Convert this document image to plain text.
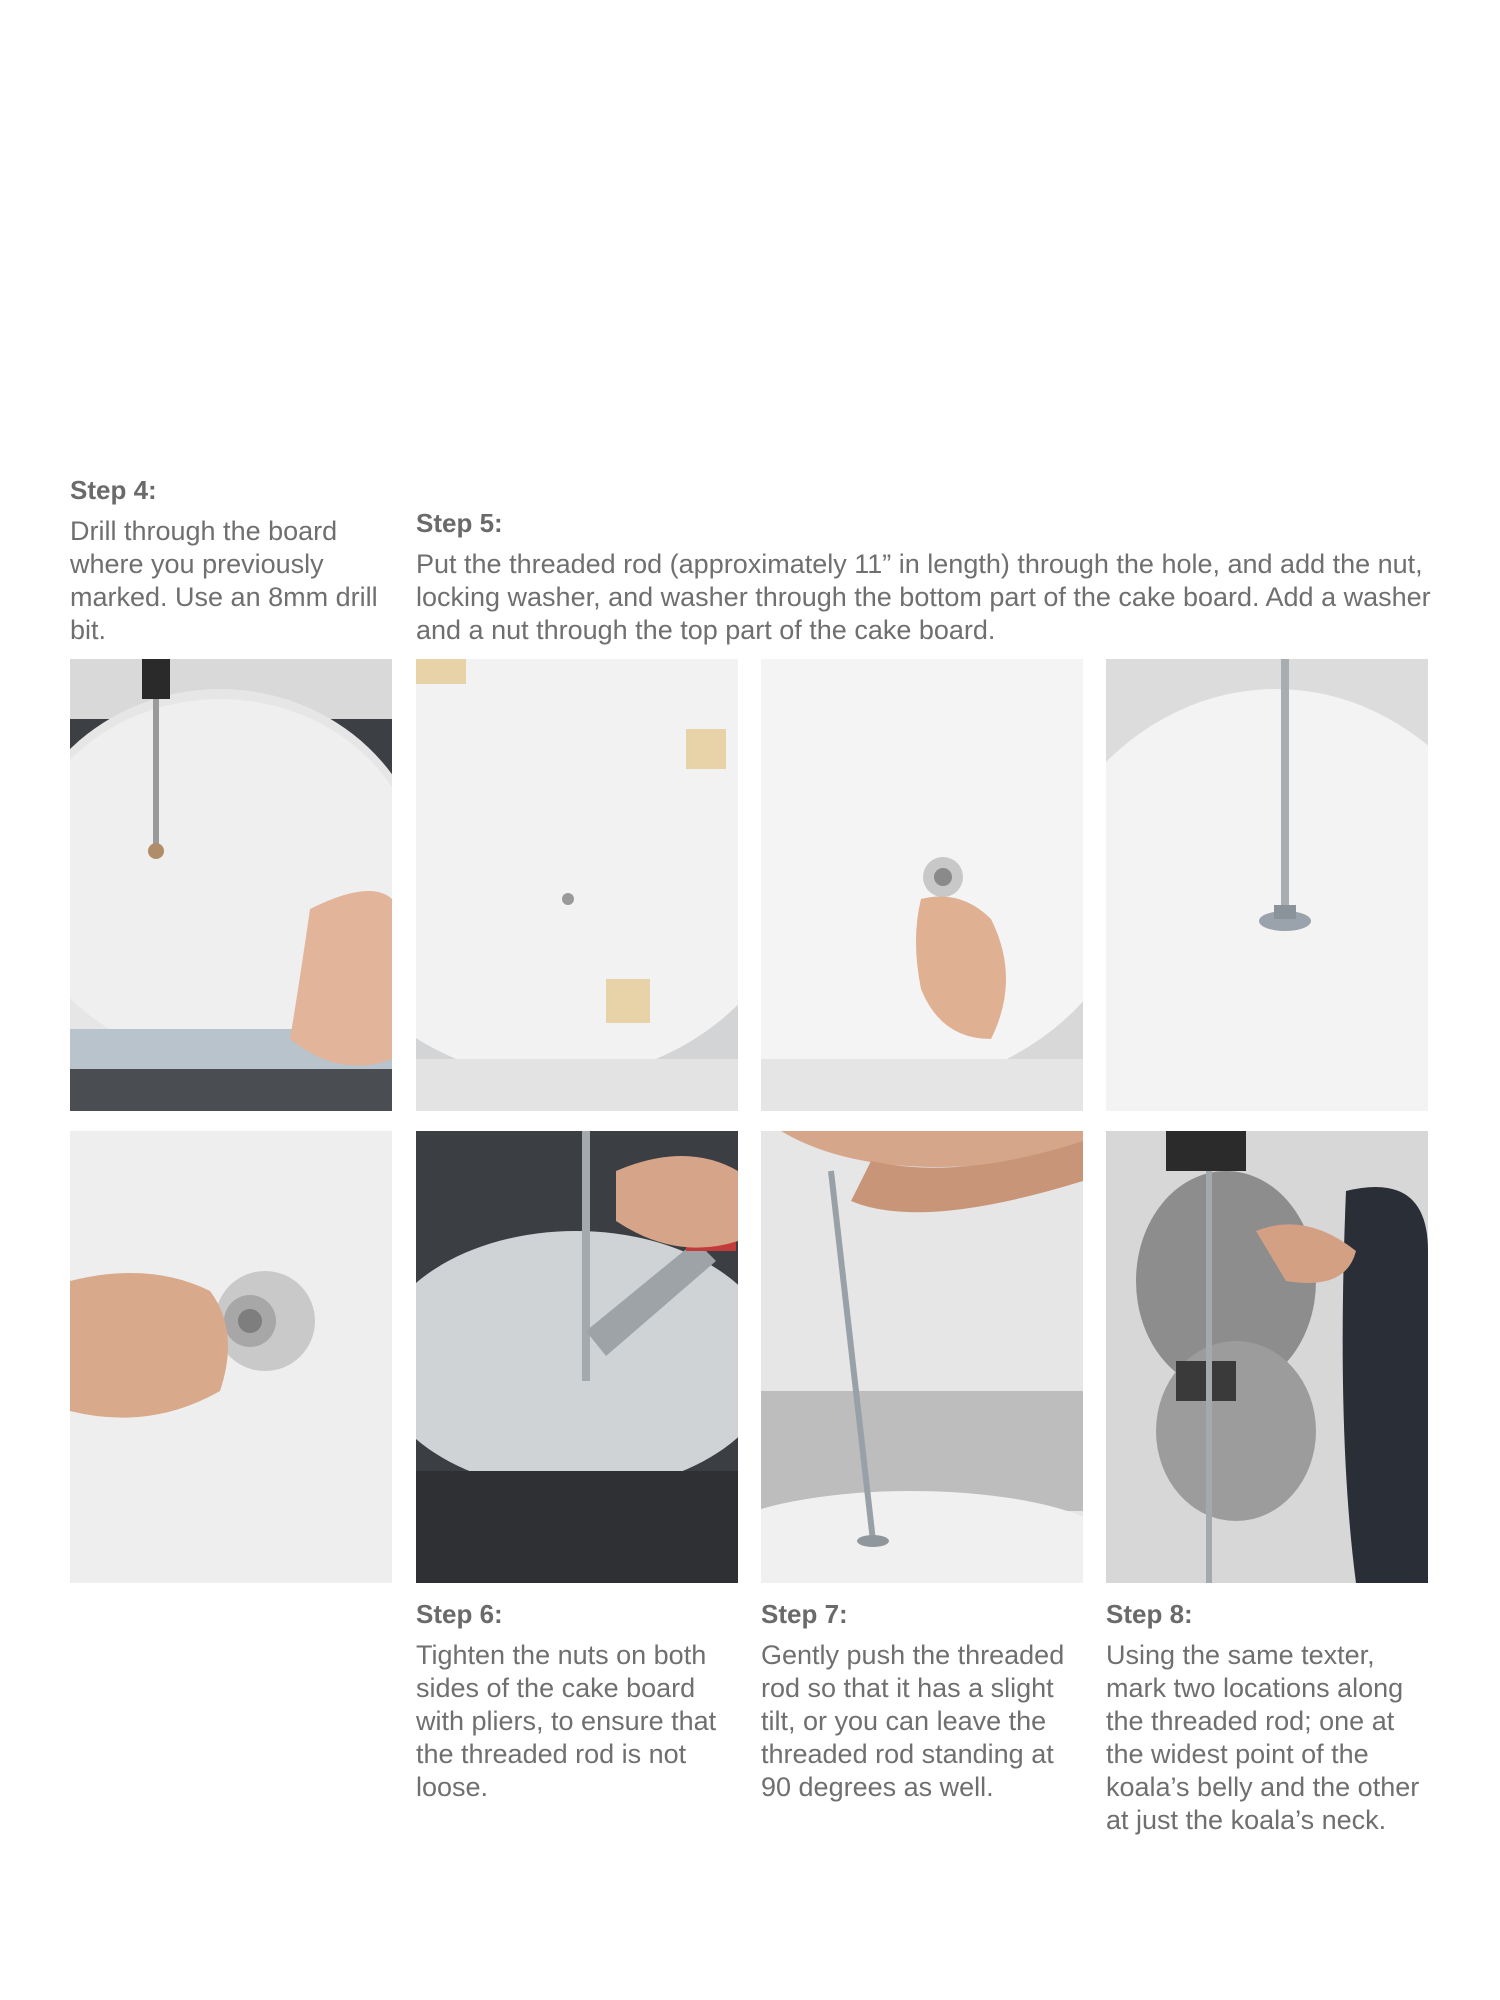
Step 4:

Drill through the board where you previously marked. Use an 8mm drill bit.

Step 5:

Put the threaded rod (approximately 11” in length) through the hole, and add the nut, locking washer, and washer through the bottom part of the cake board. Add a washer and a nut through the top part of the cake board.

Step 6:

Tighten the nuts on both sides of the cake board with pliers, to ensure that the threaded rod is not loose.

Step 7:

Gently push the threaded rod so that it has a slight tilt, or you can leave the threaded rod standing at 90 degrees as well.

Step 8:

Using the same texter, mark two locations along the threaded rod; one at the widest point of the koala’s belly and the other at just the koala’s neck.
